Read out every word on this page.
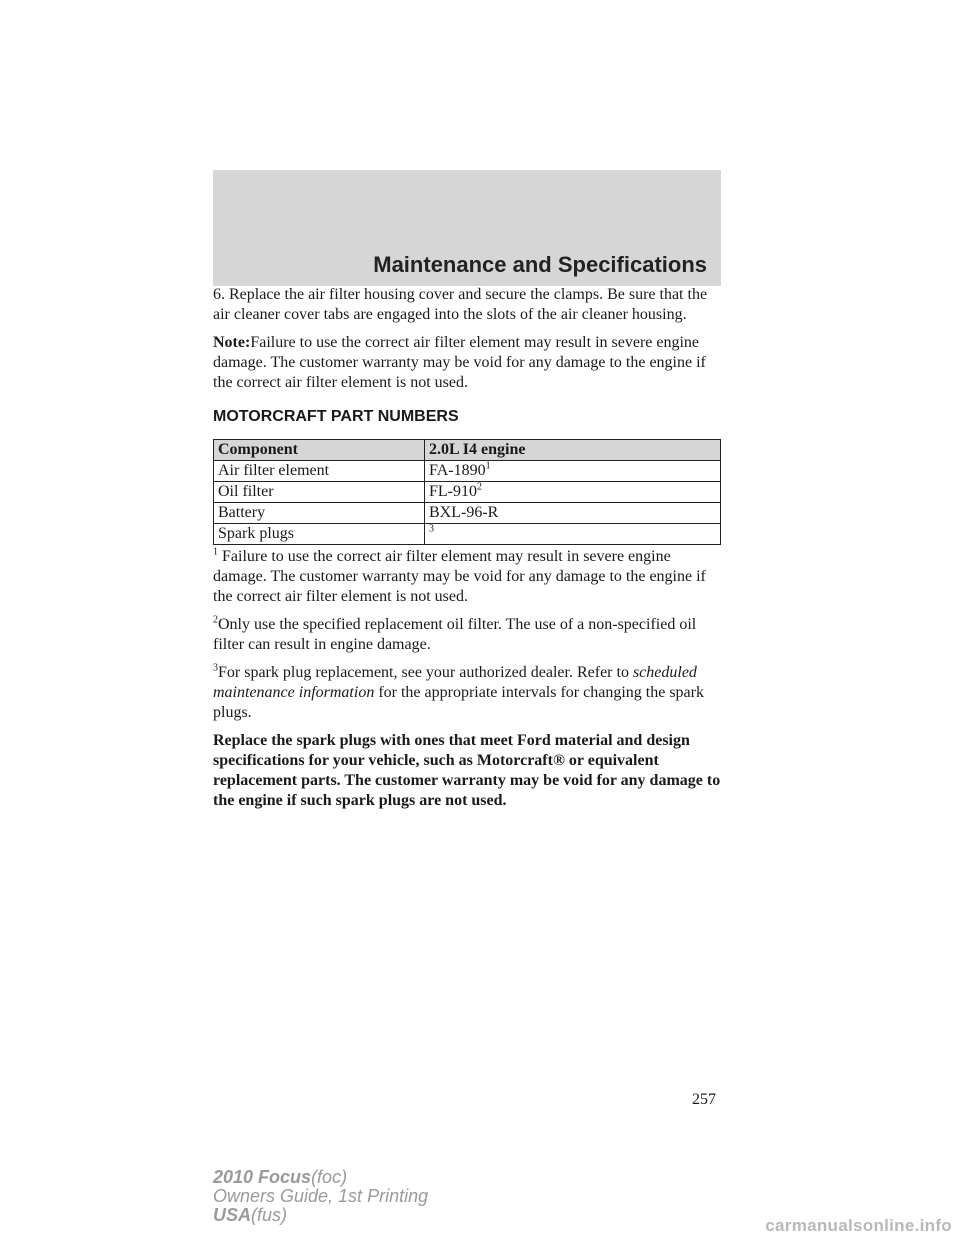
Maintenance and Specifications

6. Replace the air filter housing cover and secure the clamps. Be sure that the air cleaner cover tabs are engaged into the slots of the air cleaner housing.

Note:Failure to use the correct air filter element may result in severe engine damage. The customer warranty may be void for any damage to the engine if the correct air filter element is not used.

MOTORCRAFT PART NUMBERS
Component	2.0L I4 engine
Air filter element	FA-1890$^1$
Oil filter	$FL-910^2$
Battery	BXL-96-R
Spark plugs	$^3$

$^1$ Failure to use the correct air filter element may result in severe engine damage. The customer warranty may be void for any damage to the engine if the correct air filter element is not used.

$^2$Only use the specified replacement oil filter. The use of a non-specified oil filter can result in engine damage.

$^3$For spark plug replacement, see your authorized dealer. Refer to scheduled maintenance information for the appropriate intervals for changing the spark plugs.

Replace the spark plugs with ones that meet Ford material and design specifications for your vehicle, such as Motorcraft® or equivalent replacement parts. The customer warranty may be void for any damage to the engine if such spark plugs are not used.

257
2010 Focus(foc)
Owners Guide, 1st Printing
USA(fus)
carmanualsonline.info
